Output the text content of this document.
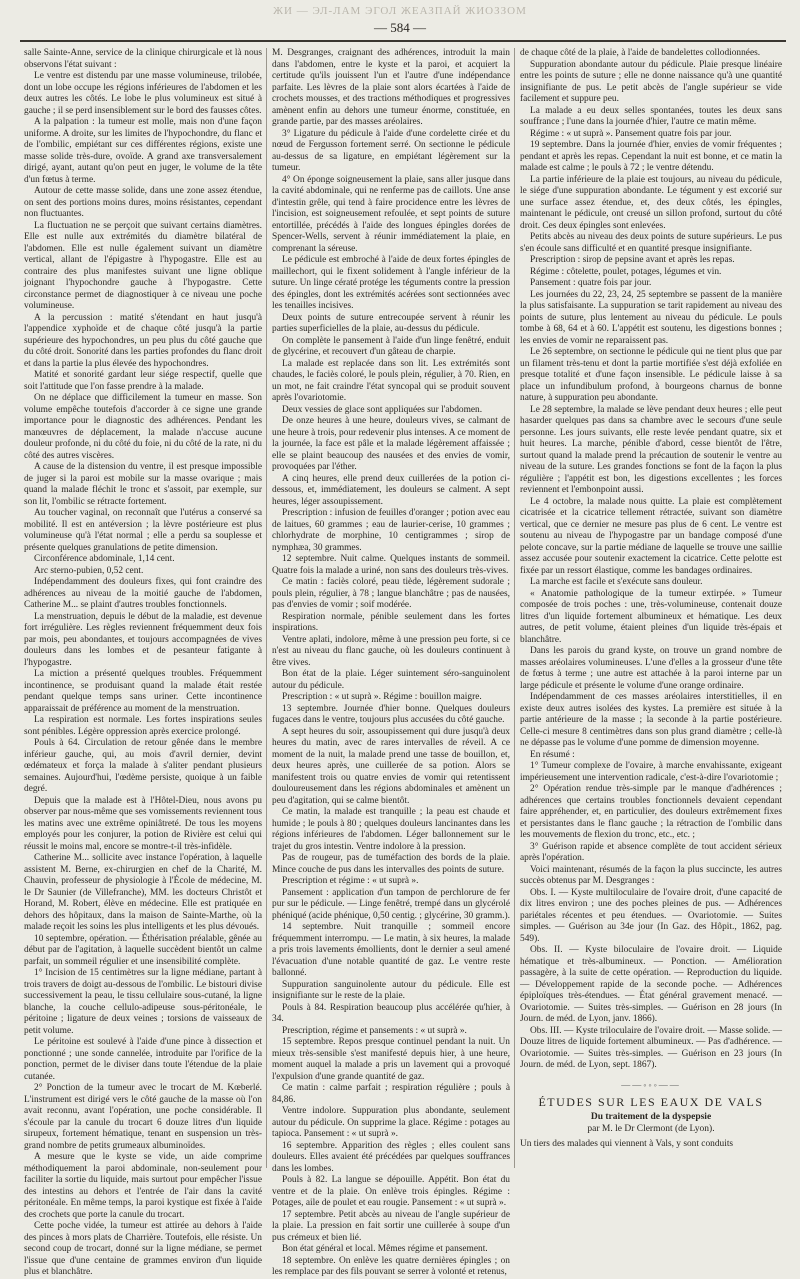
ЖИ — ЭЛ-ЛАМ ЭГОЛ ЖЕАЗПАЙ ЖИОЗЗОМ
— 584 —

salle Sainte-Anne, service de la clinique chirurgicale et là nous observons l'état suivant :

Le ventre est distendu par une masse volumineuse, trilobée, dont un lobe occupe les régions inférieures de l'abdomen et les deux autres les côtés. Le lobe le plus volumineux est situé à gauche ; il se perd insensiblement sur le bord des fausses côtes.

A la palpation : la tumeur est molle, mais non d'une façon uniforme. A droite, sur les limites de l'hypochondre, du flanc et de l'ombilic, empiétant sur ces différentes régions, existe une masse solide très-dure, ovoïde. A grand axe transversalement dirigé, ayant, autant qu'on peut en juger, le volume de la tête d'un fœtus à terme.

Autour de cette masse solide, dans une zone assez étendue, on sent des portions moins dures, moins résistantes, cependant non fluctuantes.

La fluctuation ne se perçoit que suivant certains diamètres. Elle est nulle aux extrémités du diamètre bilatéral de l'abdomen. Elle est nulle également suivant un diamètre vertical, allant de l'épigastre à l'hypogastre. Elle est au contraire des plus manifestes suivant une ligne oblique joignant l'hypochondre gauche à l'hypogastre. Cette circonstance permet de diagnostiquer à ce niveau une poche volumineuse.

A la percussion : matité s'étendant en haut jusqu'à l'appendice xyphoïde et de chaque côté jusqu'à la partie supérieure des hypochondres, un peu plus du côté gauche que du côté droit. Sonorité dans les parties profondes du flanc droit et dans la partie la plus élevée des hypochondres.

Matité et sonorité gardant leur siége respectif, quelle que soit l'attitude que l'on fasse prendre à la malade.

On ne déplace que difficilement la tumeur en masse. Son volume empêche toutefois d'accorder à ce signe une grande importance pour le diagnostic des adhérences. Pendant les manœuvres de déplacement, la malade n'accuse aucune douleur profonde, ni du côté du foie, ni du côté de la rate, ni du côté des autres viscères.

A cause de la distension du ventre, il est presque impossible de juger si la paroi est mobile sur la masse ovarique ; mais quand la malade fléchit le tronc et s'assoit, par exemple, sur son lit, l'ombilic se rétracte fortement.

Au toucher vaginal, on reconnaît que l'utérus a conservé sa mobilité. Il est en antéversion ; la lèvre postérieure est plus volumineuse qu'à l'état normal ; elle a perdu sa souplesse et présente quelques granulations de petite dimension.

Circonférence abdominale, 1,14 cent.

Arc sterno-pubien, 0,52 cent.

Indépendamment des douleurs fixes, qui font craindre des adhérences au niveau de la moitié gauche de l'abdomen, Catherine M... se plaint d'autres troubles fonctionnels.

La menstruation, depuis le début de la maladie, est devenue fort irrégulière. Les règles reviennent fréquemment deux fois par mois, peu abondantes, et toujours accompagnées de vives douleurs dans les lombes et de pesanteur fatigante à l'hypogastre.

La miction a présenté quelques troubles. Fréquemment incontinence, se produisant quand la malade était restée pendant quelque temps sans uriner. Cette incontinence apparaissait de préférence au moment de la menstruation.

La respiration est normale. Les fortes inspirations seules sont pénibles. Légère oppression après exercice prolongé.

Pouls à 64. Circulation de retour gênée dans le membre inférieur gauche, qui, au mois d'avril dernier, devint œdémateux et força la malade à s'aliter pendant plusieurs semaines. Aujourd'hui, l'œdème persiste, quoique à un faible degré.

Depuis que la malade est à l'Hôtel-Dieu, nous avons pu observer par nous-même que ses vomissements reviennent tous les matins avec une extrême opiniâtreté. De tous les moyens employés pour les conjurer, la potion de Rivière est celui qui réussit le moins mal, encore se montre-t-il très-infidèle.

Catherine M... sollicite avec instance l'opération, à laquelle assistent M. Berne, ex-chirurgien en chef de la Charité, M. Chauvin, professeur de physiologie à l'École de médecine, M. le Dr Saunier (de Villefranche), MM. les docteurs Christôt et Horand, M. Robert, élève en médecine. Elle est pratiquée en dehors des hôpitaux, dans la maison de Sainte-Marthe, où la malade reçoit les soins les plus intelligents et les plus dévoués.

10 septembre, opération. — Éthérisation préalable, gênée au début par de l'agitation, à laquelle succèdent bientôt un calme parfait, un sommeil régulier et une insensibilité complète.

1° Incision de 15 centimètres sur la ligne médiane, partant à trois travers de doigt au-dessous de l'ombilic. Le bistouri divise successivement la peau, le tissu cellulaire sous-cutané, la ligne blanche, la couche cellulo-adipeuse sous-péritonéale, le péritoine ; ligature de deux veines ; torsions de vaisseaux de petit volume.

Le péritoine est soulevé à l'aide d'une pince à dissection et ponctionné ; une sonde cannelée, introduite par l'orifice de la ponction, permet de le diviser dans toute l'étendue de la plaie cutanée.

2° Ponction de la tumeur avec le trocart de M. Kœberlé. L'instrument est dirigé vers le côté gauche de la masse où l'on avait reconnu, avant l'opération, une poche considérable. Il s'écoule par la canule du trocart 6 douze litres d'un liquide sirupeux, fortement hématique, tenant en suspension un très-grand nombre de petits grumeaux albuminoïdes.

A mesure que le kyste se vide, un aide comprime méthodiquement la paroi abdominale, non-seulement pour faciliter la sortie du liquide, mais surtout pour empêcher l'issue des intestins au dehors et l'entrée de l'air dans la cavité péritonéale. En même temps, la paroi kystique est fixée à l'aide des crochets que porte la canule du trocart.

Cette poche vidée, la tumeur est attirée au dehors à l'aide des pinces à mors plats de Charrière. Toutefois, elle résiste. Un second coup de trocart, donné sur la ligne médiane, se permet l'issue que d'une centaine de grammes environ d'un liquide plus et blanchâtre.

M. Desgranges, craignant des adhérences, introduit la main dans l'abdomen, entre le kyste et la paroi, et acquiert la certitude qu'ils jouissent l'un et l'autre d'une indépendance parfaite. Les lèvres de la plaie sont alors écartées à l'aide de crochets mousses, et des tractions méthodiques et progressives amènent enfin au dehors une tumeur énorme, constituée, en grande partie, par des masses aréolaires.

3° Ligature du pédicule à l'aide d'une cordelette cirée et du nœud de Fergusson fortement serré. On sectionne le pédicule au-dessus de sa ligature, en empiétant légèrement sur la tumeur.

4° On éponge soigneusement la plaie, sans aller jusque dans la cavité abdominale, qui ne renferme pas de caillots. Une anse d'intestin grêle, qui tend à faire procidence entre les lèvres de l'incision, est soigneusement refoulée, et sept points de suture entortillée, précédés à l'aide des longues épingles dorées de Spencer-Wells, servent à réunir immédiatement la plaie, en comprenant la séreuse.

Le pédicule est embroché à l'aide de deux fortes épingles de maillechort, qui le fixent solidement à l'angle inférieur de la suture. Un linge cératé protége les téguments contre la pression des épingles, dont les extrémités acérées sont sectionnées avec les tenailles incisives.

Deux points de suture entrecoupée servent à réunir les parties superficielles de la plaie, au-dessus du pédicule.

On complète le pansement à l'aide d'un linge fenêtré, enduit de glycérine, et recouvert d'un gâteau de charpie.

La malade est replacée dans son lit. Les extrémités sont chaudes, le faciès coloré, le pouls plein, régulier, à 70. Rien, en un mot, ne fait craindre l'état syncopal qui se produit souvent après l'ovariotomie.

Deux vessies de glace sont appliquées sur l'abdomen.

De onze heures à une heure, douleurs vives, se calmant de une heure à trois, pour redevenir plus intenses. A ce moment de la journée, la face est pâle et la malade légèrement affaissée ; elle se plaint beaucoup des nausées et des envies de vomir, provoquées par l'éther.

A cinq heures, elle prend deux cuillerées de la potion ci-dessous, et, immédiatement, les douleurs se calment. A sept heures, léger assoupissement.

Prescription : infusion de feuilles d'oranger ; potion avec eau de laitues, 60 grammes ; eau de laurier-cerise, 10 grammes ; chlorhydrate de morphine, 10 centigrammes ; sirop de nymphæa, 30 grammes.

12 septembre. Nuit calme. Quelques instants de sommeil. Quatre fois la malade a uriné, non sans des douleurs très-vives.

Ce matin : faciès coloré, peau tiède, légèrement sudorale ; pouls plein, régulier, à 78 ; langue blanchâtre ; pas de nausées, pas d'envies de vomir ; soif modérée.

Respiration normale, pénible seulement dans les fortes inspirations.

Ventre aplati, indolore, même à une pression peu forte, si ce n'est au niveau du flanc gauche, où les douleurs continuent à être vives.

Bon état de la plaie. Léger suintement séro-sanguinolent autour du pédicule.

Prescription : « ut suprà ». Régime : bouillon maigre.

13 septembre. Journée d'hier bonne. Quelques douleurs fugaces dans le ventre, toujours plus accusées du côté gauche.

A sept heures du soir, assoupissement qui dure jusqu'à deux heures du matin, avec de rares intervalles de réveil. A ce moment de la nuit, la malade prend une tasse de bouillon, et, deux heures après, une cuillerée de sa potion. Alors se manifestent trois ou quatre envies de vomir qui retentissent douloureusement dans les régions abdominales et amènent un peu d'agitation, qui se calme bientôt.

Ce matin, la malade est tranquille ; la peau est chaude et humide ; le pouls à 80 ; quelques douleurs lancinantes dans les régions inférieures de l'abdomen. Léger ballonnement sur le trajet du gros intestin. Ventre indolore à la pression.

Pas de rougeur, pas de tuméfaction des bords de la plaie. Mince couche de pus dans les intervalles des points de suture.

Prescription et régime : « ut suprà ».

Pansement : application d'un tampon de perchlorure de fer pur sur le pédicule. — Linge fenêtré, trempé dans un glycérolé phéniqué (acide phénique, 0,50 centig. ; glycérine, 30 gramm.).

14 septembre. Nuit tranquille ; sommeil encore fréquemment interrompu. — Le matin, à six heures, la malade a pris trois lavements émollients, dont le dernier a seul amené l'évacuation d'une notable quantité de gaz. Le ventre reste ballonné.

Suppuration sanguinolente autour du pédicule. Elle est insignifiante sur le reste de la plaie.

Pouls à 84. Respiration beaucoup plus accélérée qu'hier, à 34.

Prescription, régime et pansements : « ut suprà ».

15 septembre. Repos presque continuel pendant la nuit. Un mieux très-sensible s'est manifesté depuis hier, à une heure, moment auquel la malade a pris un lavement qui a provoqué l'expulsion d'une grande quantité de gaz.

Ce matin : calme parfait ; respiration régulière ; pouls à 84,86.

Ventre indolore. Suppuration plus abondante, seulement autour du pédicule. On supprime la glace. Régime : potages au tapioca. Pansement : « ut suprà ».

16 septembre. Apparition des règles ; elles coulent sans douleurs. Elles avaient été précédées par quelques souffrances dans les lombes.

Pouls à 82. La langue se dépouille. Appétit. Bon état du ventre et de la plaie. On enlève trois épingles. Régime : Potages, aile de poulet et eau rougie. Pansement : « ut suprà ».

17 septembre. Petit abcès au niveau de l'angle supérieur de la plaie. La pression en fait sortir une cuillerée à soupe d'un pus crémeux et bien lié.

Bon état général et local. Mêmes régime et pansement.

18 septembre. On enlève les quatre dernières épingles ; on les remplace par des fils pouvant se serrer à volonté et retenus,

de chaque côté de la plaie, à l'aide de bandelettes collodionnées.

Suppuration abondante autour du pédicule. Plaie presque linéaire entre les points de suture ; elle ne donne naissance qu'à une quantité insignifiante de pus. Le petit abcès de l'angle supérieur se vide facilement et suppure peu.

La malade a eu deux selles spontanées, toutes les deux sans souffrance ; l'une dans la journée d'hier, l'autre ce matin même.

Régime : « ut suprà ». Pansement quatre fois par jour.

19 septembre. Dans la journée d'hier, envies de vomir fréquentes ; pendant et après les repas. Cependant la nuit est bonne, et ce matin la malade est calme ; le pouls à 72 ; le ventre détendu.

La partie inférieure de la plaie est toujours, au niveau du pédicule, le siége d'une suppuration abondante. Le tégument y est excorié sur une surface assez étendue, et, des deux côtés, les épingles, maintenant le pédicule, ont creusé un sillon profond, surtout du côté droit. Ces deux épingles sont enlevées.

Petits abcès au niveau des deux points de suture supérieurs. Le pus s'en écoule sans difficulté et en quantité presque insignifiante.

Prescription : sirop de pepsine avant et après les repas.

Régime : côtelette, poulet, potages, légumes et vin.

Pansement : quatre fois par jour.

Les journées du 22, 23, 24, 25 septembre se passent de la manière la plus satisfaisante. La suppuration se tarit rapidement au niveau des points de suture, plus lentement au niveau du pédicule. Le pouls tombe à 68, 64 et à 60. L'appétit est soutenu, les digestions bonnes ; les envies de vomir ne reparaissent pas.

Le 26 septembre, on sectionne le pédicule qui ne tient plus que par un filament très-tenu et dont la partie mortifiée s'est déjà exfoliée en presque totalité et d'une façon insensible. Le pédicule laisse à sa place un infundibulum profond, à bourgeons charnus de bonne nature, à suppuration peu abondante.

Le 28 septembre, la malade se lève pendant deux heures ; elle peut hasarder quelques pas dans sa chambre avec le secours d'une seule personne. Les jours suivants, elle reste levée pendant quatre, six et huit heures. La marche, pénible d'abord, cesse bientôt de l'être, surtout quand la malade prend la précaution de soutenir le ventre au niveau de la suture. Les grandes fonctions se font de la façon la plus régulière ; l'appétit est bon, les digestions excellentes ; les forces reviennent et l'embonpoint aussi.

Le 4 octobre, la malade nous quitte. La plaie est complètement cicatrisée et la cicatrice tellement rétractée, suivant son diamètre vertical, que ce dernier ne mesure pas plus de 6 cent. Le ventre est soutenu au niveau de l'hypogastre par un bandage composé d'une pelote concave, sur la partie médiane de laquelle se trouve une saillie assez accusée pour soutenir exactement la cicatrice. Cette pelotte est fixée par un ressort élastique, comme les bandages ordinaires.

La marche est facile et s'exécute sans douleur.

« Anatomie pathologique de la tumeur extirpée. » Tumeur composée de trois poches : une, très-volumineuse, contenait douze litres d'un liquide fortement albumineux et hématique. Les deux autres, de petit volume, étaient pleines d'un liquide très-épais et blanchâtre.

Dans les parois du grand kyste, on trouve un grand nombre de masses aréolaires volumineuses. L'une d'elles a la grosseur d'une tête de fœtus à terme ; une autre est attachée à la paroi interne par un large pédicule et présente le volume d'une orange ordinaire.

Indépendamment de ces masses aréolaires interstitielles, il en existe deux autres isolées des kystes. La première est située à la partie antérieure de la masse ; la seconde à la partie postérieure. Celle-ci mesure 8 centimètres dans son plus grand diamètre ; celle-là ne dépasse pas le volume d'une pomme de dimension moyenne.

En résumé :

1° Tumeur complexe de l'ovaire, à marche envahissante, exigeant impérieusement une intervention radicale, c'est-à-dire l'ovariotomie ;

2° Opération rendue très-simple par le manque d'adhérences ; adhérences que certains troubles fonctionnels devaient cependant faire appréhender, et, en particulier, des douleurs extrêmement fixes et persistantes dans le flanc gauche ; la rétraction de l'ombilic dans les mouvements de flexion du tronc, etc., etc. ;

3° Guérison rapide et absence complète de tout accident sérieux après l'opération.

Voici maintenant, résumés de la façon la plus succincte, les autres succès obtenus par M. Desgranges :

Obs. I. — Kyste multiloculaire de l'ovaire droit, d'une capacité de dix litres environ ; une des poches pleines de pus. — Adhérences pariétales récentes et peu étendues. — Ovariotomie. — Suites simples. — Guérison au 34e jour (In Gaz. des Hôpit., 1862, pag. 549).

Obs. II. — Kyste biloculaire de l'ovaire droit. — Liquide hématique et très-albumineux. — Ponction. — Amélioration passagère, à la suite de cette opération. — Reproduction du liquide. — Développement rapide de la seconde poche. — Adhérences épiploïques très-étendues. — État général gravement menacé. — Ovariotomie. — Suites très-simples. — Guérison en 28 jours (In Journ. de méd. de Lyon, janv. 1866).

Obs. III. — Kyste triloculaire de l'ovaire droit. — Masse solide. — Douze litres de liquide fortement albumineux. — Pas d'adhérence. — Ovariotomie. — Suites très-simples. — Guérison en 23 jours (In Journ. de méd. de Lyon, sept. 1867).

——◦◦◦——
ÉTUDES SUR LES EAUX DE VALS
Du traitement de la dyspepsie
par M. le Dr Clermont (de Lyon).

Un tiers des malades qui viennent à Vals, y sont conduits
